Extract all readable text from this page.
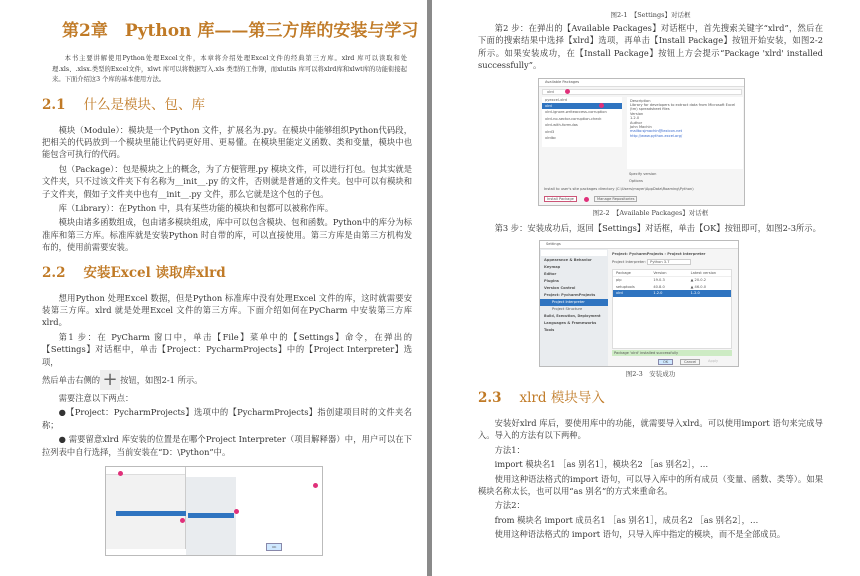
第2章　Python 库——第三方库的安装与学习
本书主要讲解使用Python处理Excel文件，本章将介绍处理Excel文件的经典第三方库。xlrd 库可以读取和处理.xls、.xlsx.类型的Excel文件，xlwt 库可以将数据写入.xls 类型的工作簿，而xlutils 库可以将xlrd库和xlwt库的功能衔接起来。下面介绍这3 个库的基本使用方法。
2.1 什么是模块、包、库
模块（Module）：模块是一个Python 文件，扩展名为.py。在模块中能够组织Python代码段，把相关的代码放到一个模块里能让代码更好用、更易懂。在模块里能定义函数、类和变量，模块中也能包含可执行的代码。
包（Package）：包是模块之上的概念，为了方便管理.py 模块文件，可以进行打包。包其实就是文件夹，只不过该文件夹下有名称为__init__.py 的文件，否则就是普通的文件夹。包中可以有模块和子文件夹，假如子文件夹中也有__init__.py 文件，那么它就是这个包的子包。
库（Library）：在Python 中，具有某些功能的模块和包都可以被称作库。
模块由诸多函数组成，包由诸多模块组成，库中可以包含模块、包和函数。Python中的库分为标准库和第三方库。标准库就是安装Python 时自带的库，可以直接使用。第三方库是由第三方机构发布的，使用前需要安装。
2.2 安装Excel 读取库xlrd
想用Python 处理Excel 数据，但是Python 标准库中没有处理Excel 文件的库，这时就需要安装第三方库。xlrd 就是处理Excel 文件的第三方库。下面介绍如何在PyCharm 中安装第三方库xlrd。
第1 步：在 PyCharm 窗口中，单击【File】菜单中的【Settings】命令，在弹出的【Settings】对话框中，单击【Project：PycharmProjects】中的【Project Interpreter】选项，
然后单击右侧的 + 按钮，如图2-1 所示。
需要注意以下两点：
●【Project：PycharmProjects】选项中的【PycharmProjects】指创建项目时的文件夹名称；
● 需要留意xlrd 库安装的位置是在哪个Project Interpreter（项目解释器）中，用户可以在下拉列表中自行选择，当前安装在“D：\Python”中。
OK
图2-1　【Settings】对话框
第2 步：在弹出的【Available Packages】对话框中，首先搜索关键字“xlrd”，然后在下面的搜索结果中选择【xlrd】选项，再单击【Install Package】按钮开始安装，如图2-2 所示。如果安装成功，在【Install Package】按钮上方会提示“Package 'xlrd' installed successfully”。
Available Packages
xlrd
pyexcel-xlrd
xlrd
xlrd-ignore-writeaccess-corruption
xlrd-no-sector-corruption-check
xlrd-with-formulas
xlrd3
xlrdbc
Description
Library for developers to extract data from Microsoft Excel (tm) spreadsheet files
Version
1.2.0
Author
John Machin
mailto:sjmachin@lexicon.net
http://www.python-excel.org/
Specify version
Options
Install to user's site packages directory (C:\Users\mayer\AppData\Roaming\Python)
Install Package	Manage Repositories
图2-2　【Available Packages】对话框
第3 步：安装成功后，返回【Settings】对话框，单击【OK】按钮即可，如图2-3所示。
Settings
Appearance & Behavior
Keymap
Editor
Plugins
Version Control
Project: PycharmProjects
Project Interpreter
Project Structure
Build, Execution, Deployment
Languages & Frameworks
Tools
Project: PycharmProjects › Project Interpreter
Project Interpreter: Python 3.7
Package	Version	Latest version
pip	19.0.3	▲ 20.0.2
setuptools	40.8.0	▲ 46.0.0
xlrd	1.2.0	1.2.0
Package 'xlrd' installed successfully
OK	Cancel	Apply
图2-3　安装成功
2.3 xlrd 模块导入
安装好xlrd 库后，要使用库中的功能，就需要导入xlrd。可以使用import 语句来完成导入。导入的方法有以下两种。
方法1：
import 模块名1 ［as 别名1］，模块名2 ［as 别名2］，…
使用这种语法格式的import 语句，可以导入库中的所有成员（变量、函数、类等）。如果模块名称太长，也可以用“as 别名”的方式来重命名。
方法2：
from 模块名 import 成员名1 ［as 别名1］，成员名2 ［as 别名2］，…
使用这种语法格式的 import 语句，只导入库中指定的模块，而不是全部成员。
